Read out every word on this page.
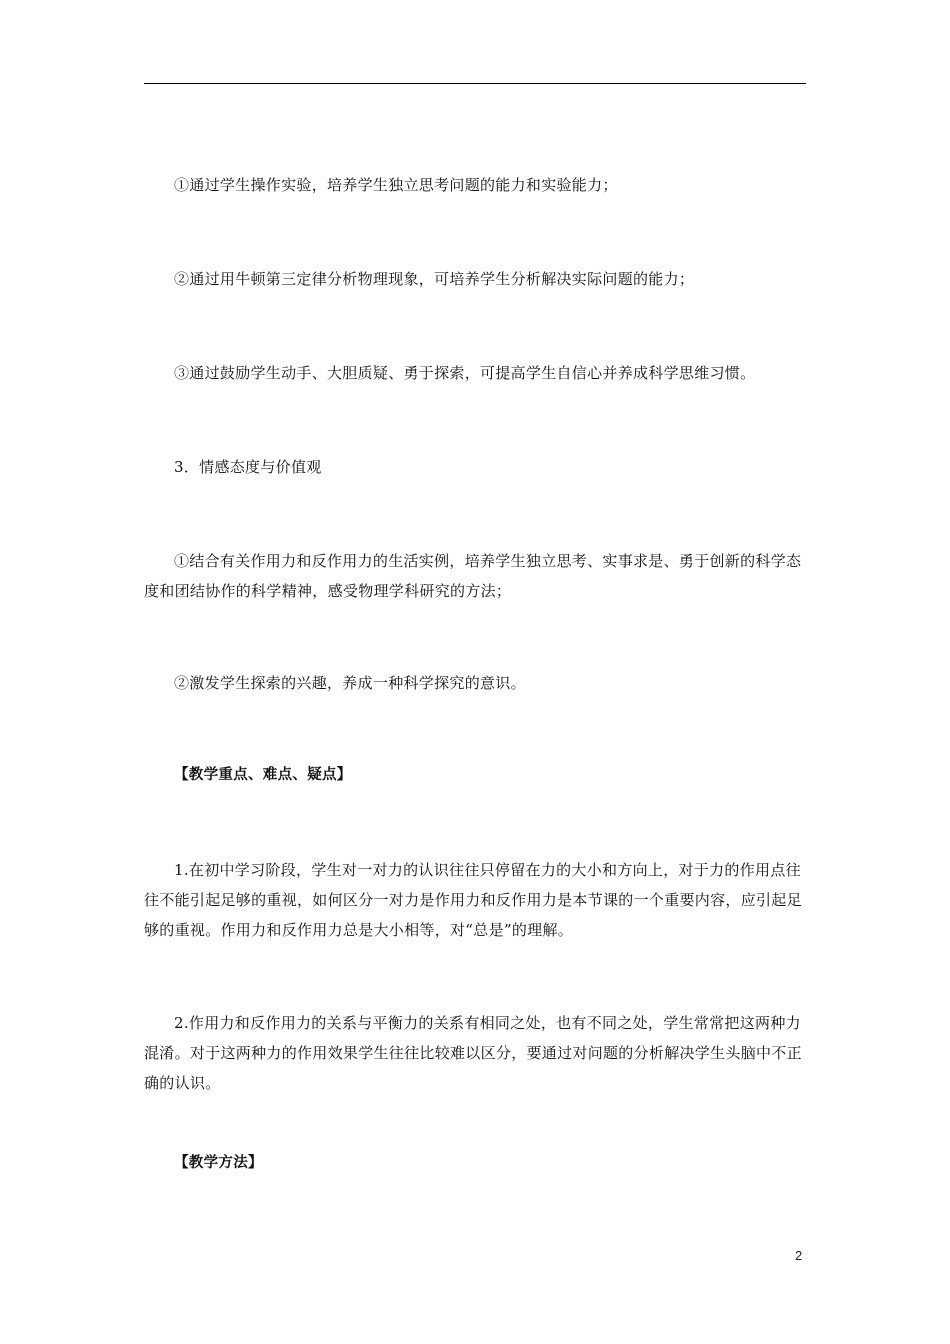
①通过学生操作实验，培养学生独立思考问题的能力和实验能力；

②通过用牛顿第三定律分析物理现象，可培养学生分析解决实际问题的能力；

③通过鼓励学生动手、大胆质疑、勇于探索，可提高学生自信心并养成科学思维习惯。

3．情感态度与价值观

①结合有关作用力和反作用力的生活实例，培养学生独立思考、实事求是、勇于创新的科学态度和团结协作的科学精神，感受物理学科研究的方法；

②激发学生探索的兴趣，养成一种科学探究的意识。

【教学重点、难点、疑点】

1.在初中学习阶段，学生对一对力的认识往往只停留在力的大小和方向上，对于力的作用点往往不能引起足够的重视，如何区分一对力是作用力和反作用力是本节课的一个重要内容，应引起足够的重视。作用力和反作用力总是大小相等，对“总是”的理解。

2.作用力和反作用力的关系与平衡力的关系有相同之处，也有不同之处，学生常常把这两种力混淆。对于这两种力的作用效果学生往往比较难以区分，要通过对问题的分析解决学生头脑中不正确的认识。

【教学方法】

2
